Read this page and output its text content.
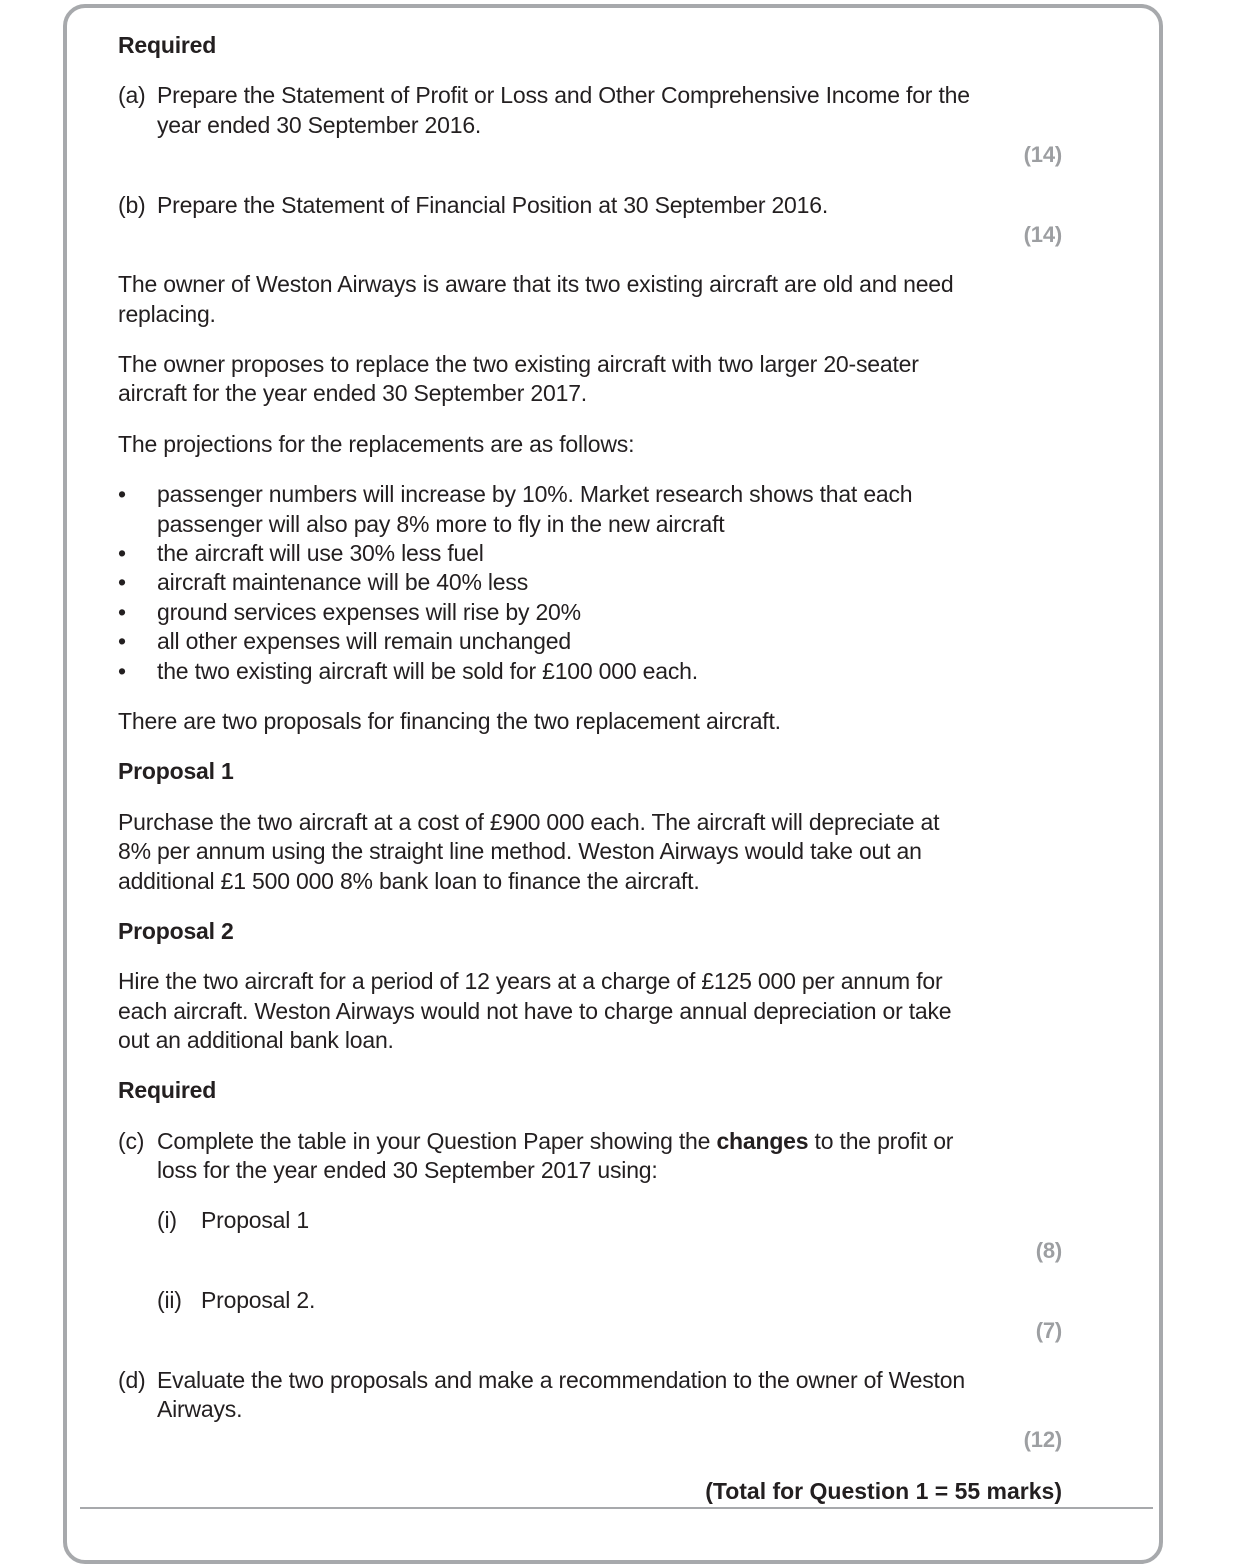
Required
(a) Prepare the Statement of Profit or Loss and Other Comprehensive Income for the
year ended 30 September 2016.
(14)
(b) Prepare the Statement of Financial Position at 30 September 2016.
(14)
The owner of Weston Airways is aware that its two existing aircraft are old and need
replacing.
The owner proposes to replace the two existing aircraft with two larger 20-seater
aircraft for the year ended 30 September 2017.
The projections for the replacements are as follows:
• passenger numbers will increase by 10%. Market research shows that each
passenger will also pay 8% more to fly in the new aircraft
• the aircraft will use 30% less fuel
• aircraft maintenance will be 40% less
• ground services expenses will rise by 20%
• all other expenses will remain unchanged
• the two existing aircraft will be sold for £100 000 each.
There are two proposals for financing the two replacement aircraft.
Proposal 1
Purchase the two aircraft at a cost of £900 000 each. The aircraft will depreciate at
8% per annum using the straight line method. Weston Airways would take out an
additional £1 500 000 8% bank loan to finance the aircraft.
Proposal 2
Hire the two aircraft for a period of 12 years at a charge of £125 000 per annum for
each aircraft. Weston Airways would not have to charge annual depreciation or take
out an additional bank loan.
Required
(c) Complete the table in your Question Paper showing the changes to the profit or
loss for the year ended 30 September 2017 using:
(i) Proposal 1
(8)
(ii) Proposal 2.
(7)
(d) Evaluate the two proposals and make a recommendation to the owner of Weston
Airways.
(12)
(Total for Question 1 = 55 marks)
